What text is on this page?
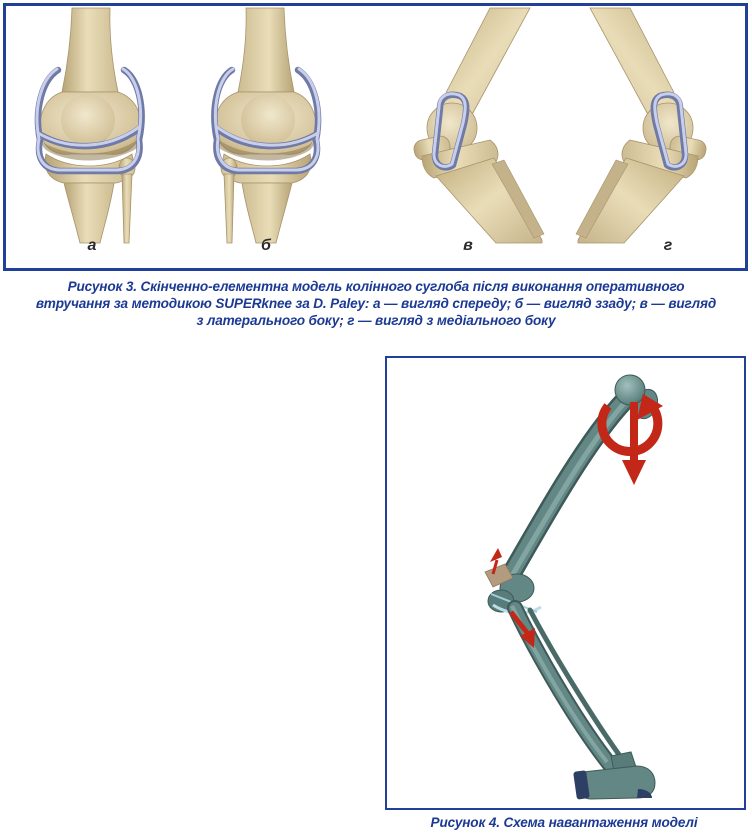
а	б	в	г
Рисунок 3. Скінченно-елементна модель колінного суглоба після виконання оперативного
втручання за методикою SUPERknee за D. Paley: а — вигляд спереду; б — вигляд ззаду; в — вигляд
з латерального боку; г — вигляд з медіального боку
Рисунок 4. Схема навантаження моделі
